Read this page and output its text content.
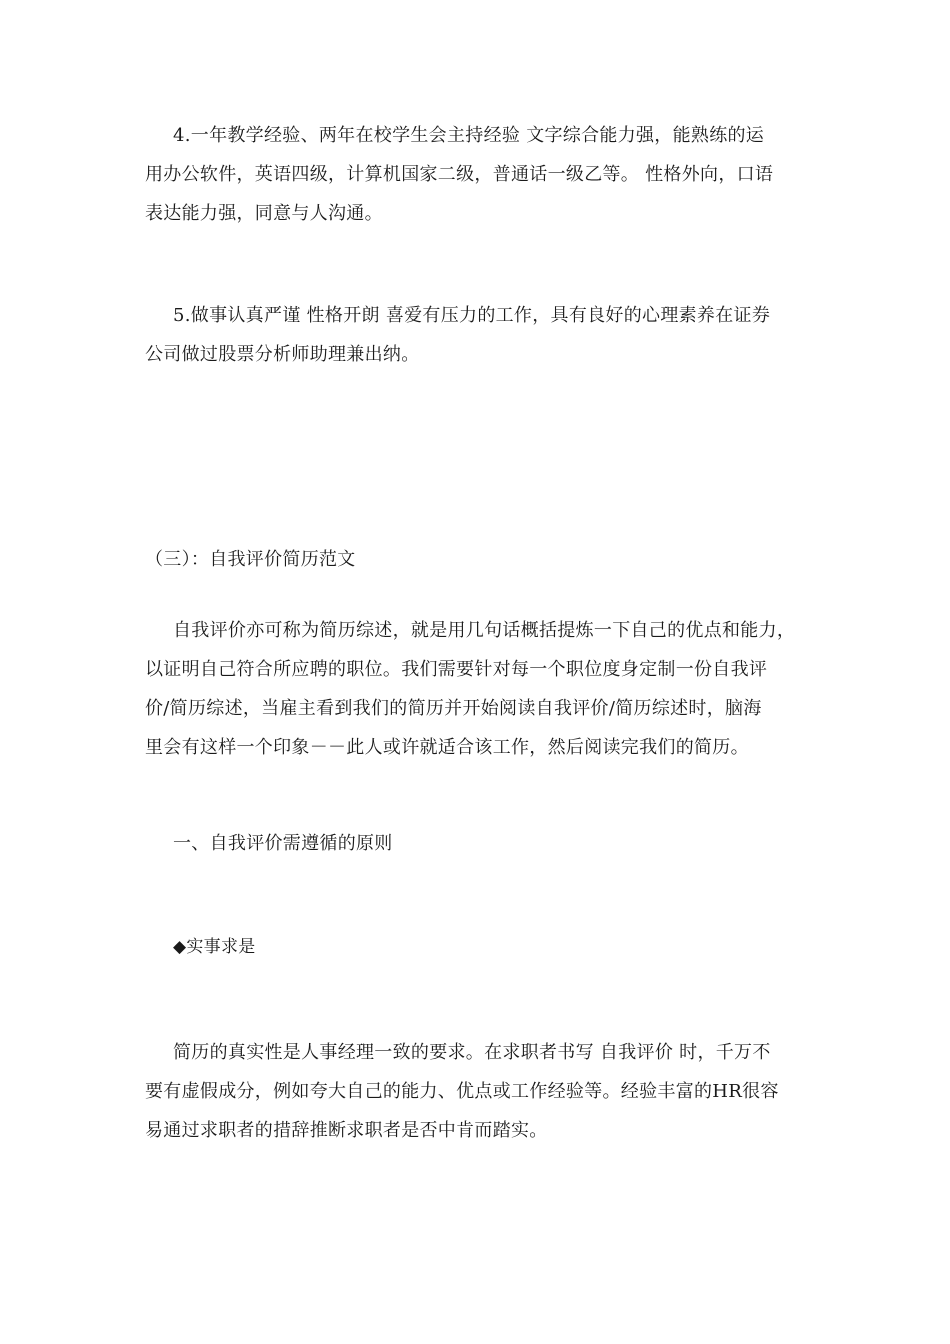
4.一年教学经验、两年在校学生会主持经验 文字综合能力强，能熟练的运
用办公软件，英语四级，计算机国家二级，普通话一级乙等。 性格外向，口语
表达能力强，同意与人沟通。
5.做事认真严谨 性格开朗 喜爱有压力的工作，具有良好的心理素养在证券
公司做过股票分析师助理兼出纳。
（三）：自我评价简历范文
自我评价亦可称为简历综述，就是用几句话概括提炼一下自己的优点和能力，
以证明自己符合所应聘的职位。我们需要针对每一个职位度身定制一份自我评
价/简历综述，当雇主看到我们的简历并开始阅读自我评价/简历综述时，脑海
里会有这样一个印象－－此人或许就适合该工作，然后阅读完我们的简历。
一、自我评价需遵循的原则
◆实事求是
简历的真实性是人事经理一致的要求。在求职者书写 自我评价 时，千万不
要有虚假成分，例如夸大自己的能力、优点或工作经验等。经验丰富的HR很容
易通过求职者的措辞推断求职者是否中肯而踏实。
